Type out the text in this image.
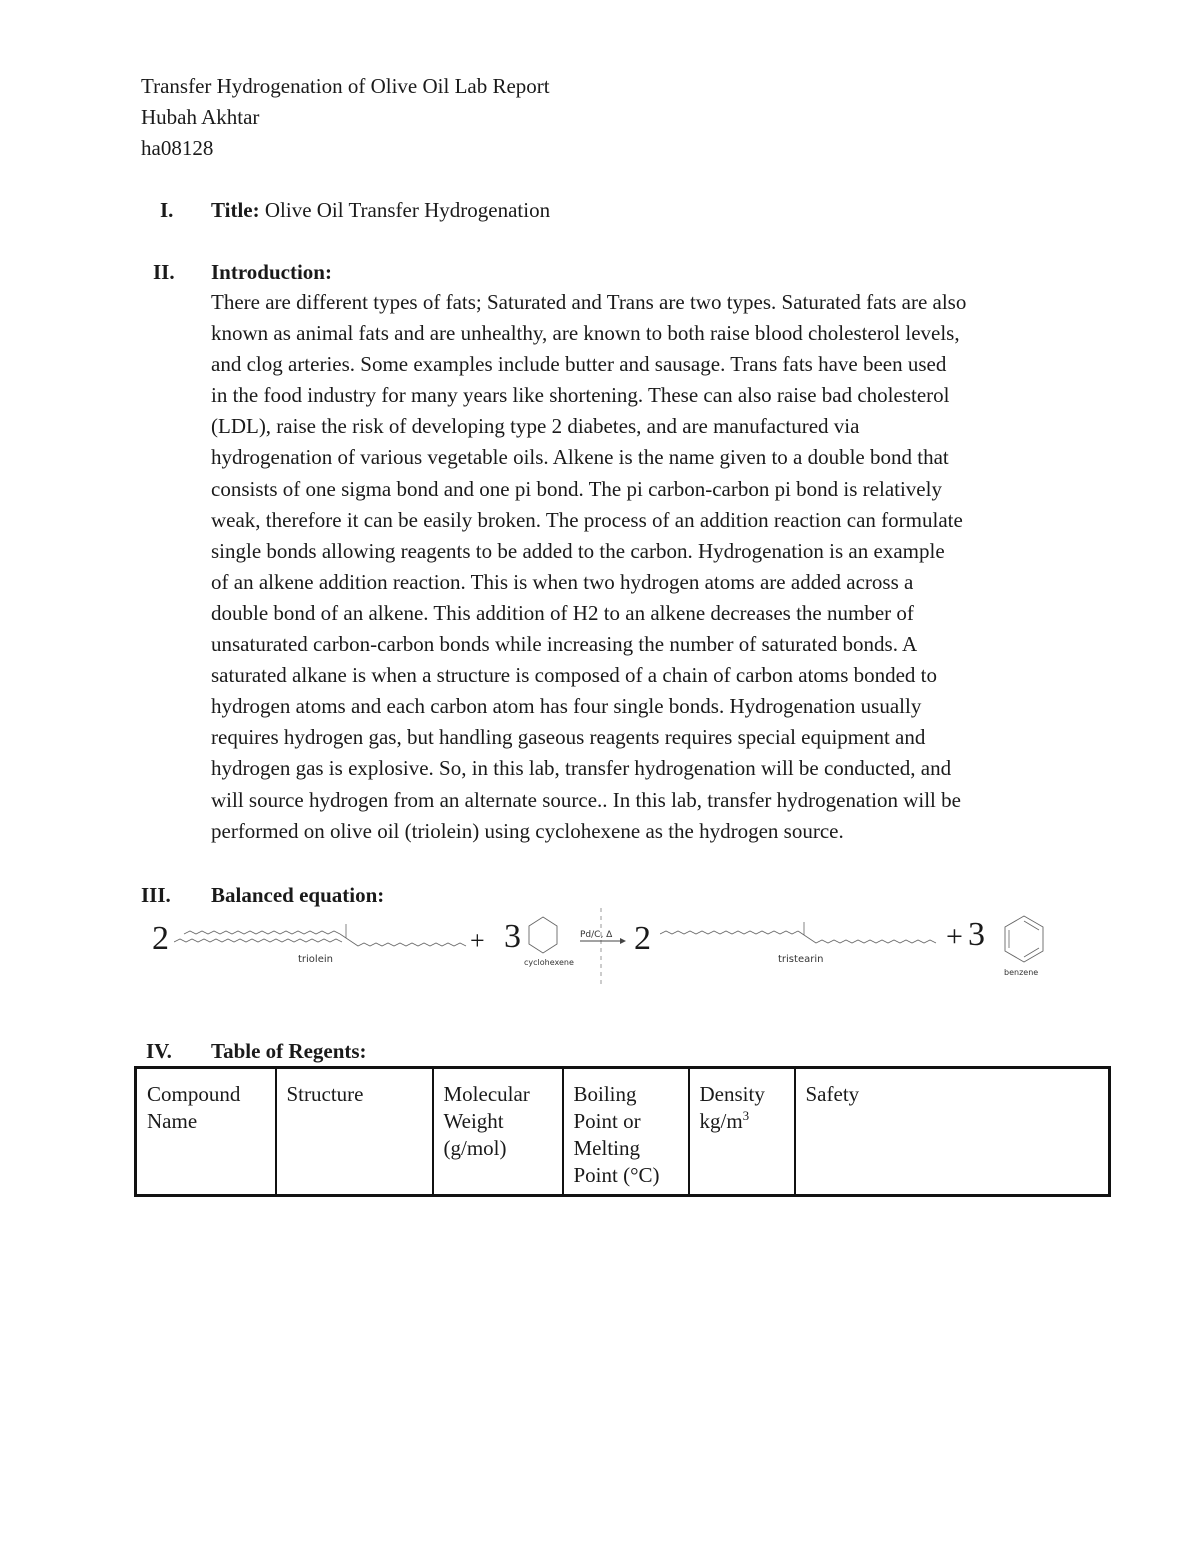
Transfer Hydrogenation of Olive Oil Lab Report
Hubah Akhtar
ha08128
I. Title: Olive Oil Transfer Hydrogenation
II. Introduction:
There are different types of fats; Saturated and Trans are two types. Saturated fats are also
known as animal fats and are unhealthy, are known to both raise blood cholesterol levels,
and clog arteries. Some examples include butter and sausage. Trans fats have been used
in the food industry for many years like shortening. These can also raise bad cholesterol
(LDL), raise the risk of developing type 2 diabetes, and are manufactured via
hydrogenation of various vegetable oils. Alkene is the name given to a double bond that
consists of one sigma bond and one pi bond. The pi carbon-carbon pi bond is relatively
weak, therefore it can be easily broken. The process of an addition reaction can formulate
single bonds allowing reagents to be added to the carbon. Hydrogenation is an example
of an alkene addition reaction. This is when two hydrogen atoms are added across a
double bond of an alkene. This addition of H2 to an alkene decreases the number of
unsaturated carbon-carbon bonds while increasing the number of saturated bonds. A
saturated alkane is when a structure is composed of a chain of carbon atoms bonded to
hydrogen atoms and each carbon atom has four single bonds. Hydrogenation usually
requires hydrogen gas, but handling gaseous reagents requires special equipment and
hydrogen gas is explosive. So, in this lab, transfer hydrogenation will be conducted, and
will source hydrogen from an alternate source.. In this lab, transfer hydrogenation will be
performed on olive oil (triolein) using cyclohexene as the hydrogen source.
III. Balanced equation:
2
triolein
+ 3
cyclohexene
Pd/C, Δ 2
tristearin
+ 3
benzene
IV. Table of Regents:
Compound Name	Structure	Molecular Weight (g/mol)	Boiling Point or Melting Point (°C)	Density $kg/m^3$	Safety
